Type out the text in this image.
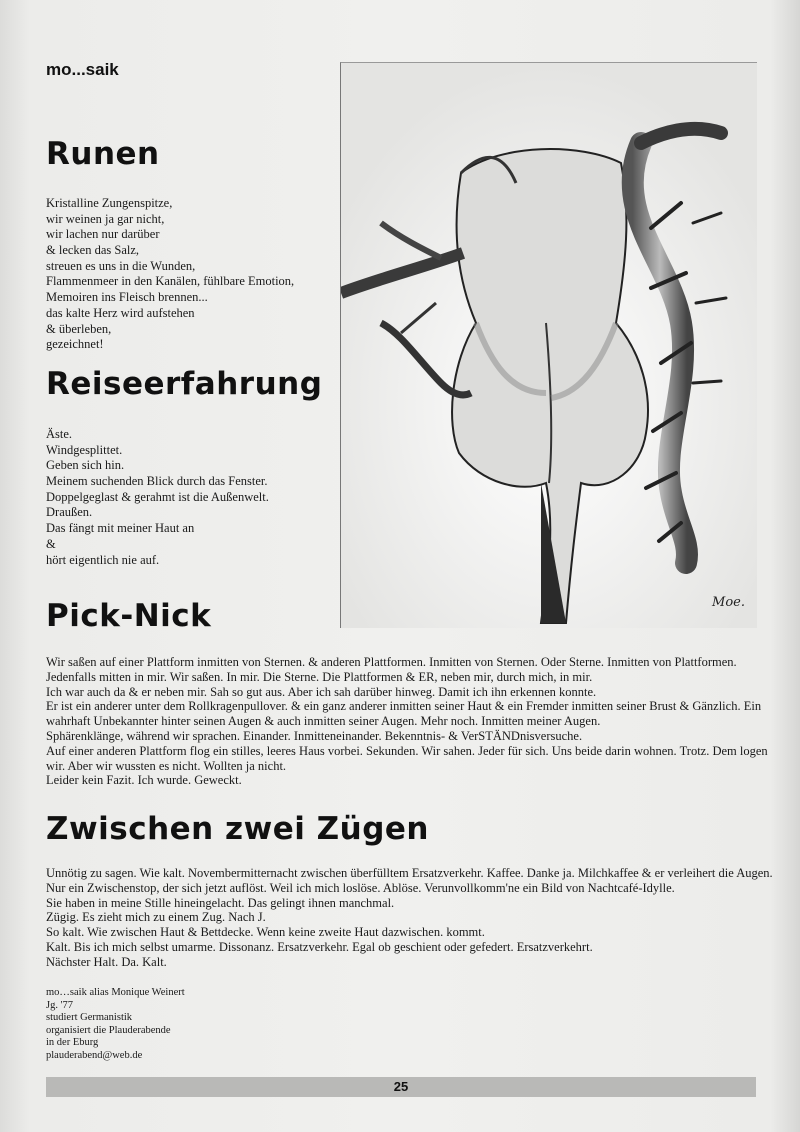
mo...saik
Runen
Kristalline Zungenspitze,
wir weinen ja gar nicht,
wir lachen nur darüber
& lecken das Salz,
streuen es uns in die Wunden,
Flammenmeer in den Kanälen, fühlbare Emotion,
Memoiren ins Fleisch brennen...
das kalte Herz wird aufstehen
& überleben,
gezeichnet!
Reiseerfahrung
Äste.
Windgesplittet.
Geben sich hin.
Meinem suchenden Blick durch das Fenster.
Doppelgeglast & gerahmt ist die Außenwelt.
Draußen.
Das fängt mit meiner Haut an
&
hört eigentlich nie auf.
Moe.
Pick-Nick
Wir saßen auf einer Plattform inmitten von Sternen. & anderen Plattformen. Inmitten von Sternen. Oder Sterne. Inmitten von Plattformen.
Jedenfalls mitten in mir. Wir saßen. In mir. Die Sterne. Die Plattformen & ER, neben mir, durch mich, in mir.
Ich war auch da & er neben mir. Sah so gut aus. Aber ich sah darüber hinweg. Damit ich ihn erkennen konnte.
Er ist ein anderer unter dem Rollkragenpullover. & ein ganz anderer inmitten seiner Haut & ein Fremder inmitten seiner Brust & Gänzlich. Ein
wahrhaft Unbekannter hinter seinen Augen & auch inmitten seiner Augen. Mehr noch. Inmitten meiner Augen.
Sphärenklänge, während wir sprachen. Einander. Inmitteneinander. Bekenntnis- & VerSTÄNDnisversuche.
Auf einer anderen Plattform flog ein stilles, leeres Haus vorbei. Sekunden. Wir sahen. Jeder für sich. Uns beide darin wohnen. Trotz. Dem logen
wir. Aber wir wussten es nicht. Wollten ja nicht.
Leider kein Fazit. Ich wurde. Geweckt.
Zwischen zwei Zügen
Unnötig zu sagen. Wie kalt. Novembermitternacht zwischen überfülltem Ersatzverkehr. Kaffee. Danke ja. Milchkaffee & er verleihert die Augen.
Nur ein Zwischenstop, der sich jetzt auflöst. Weil ich mich loslöse. Ablöse. Verunvollkomm'ne ein Bild von Nachtcafé-Idylle.
Sie haben in meine Stille hineingelacht. Das gelingt ihnen manchmal.
Zügig. Es zieht mich zu einem Zug. Nach J.
So kalt. Wie zwischen Haut & Bettdecke. Wenn keine zweite Haut dazwischen. kommt.
Kalt. Bis ich mich selbst umarme. Dissonanz. Ersatzverkehr. Egal ob geschient oder gefedert. Ersatzverkehrt.
Nächster Halt. Da. Kalt.
mo…saik alias Monique Weinert
Jg. '77
studiert Germanistik
organisiert die Plauderabende
in der Eburg
plauderabend@web.de
25
